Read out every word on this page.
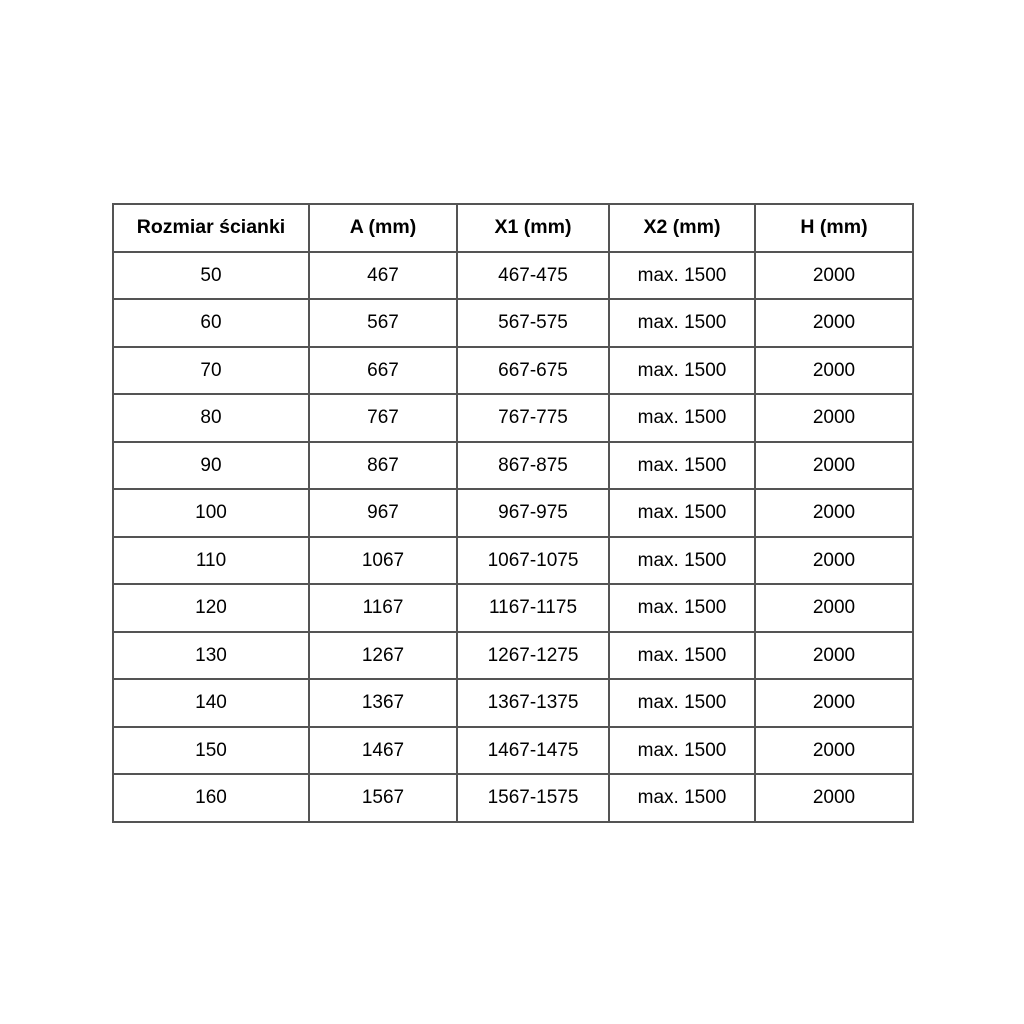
Rozmiar ścianki	A (mm)	X1 (mm)	X2 (mm)	H (mm)
50	467	467-475	max. 1500	2000
60	567	567-575	max. 1500	2000
70	667	667-675	max. 1500	2000
80	767	767-775	max. 1500	2000
90	867	867-875	max. 1500	2000
100	967	967-975	max. 1500	2000
110	1067	1067-1075	max. 1500	2000
120	1167	1167-1175	max. 1500	2000
130	1267	1267-1275	max. 1500	2000
140	1367	1367-1375	max. 1500	2000
150	1467	1467-1475	max. 1500	2000
160	1567	1567-1575	max. 1500	2000
